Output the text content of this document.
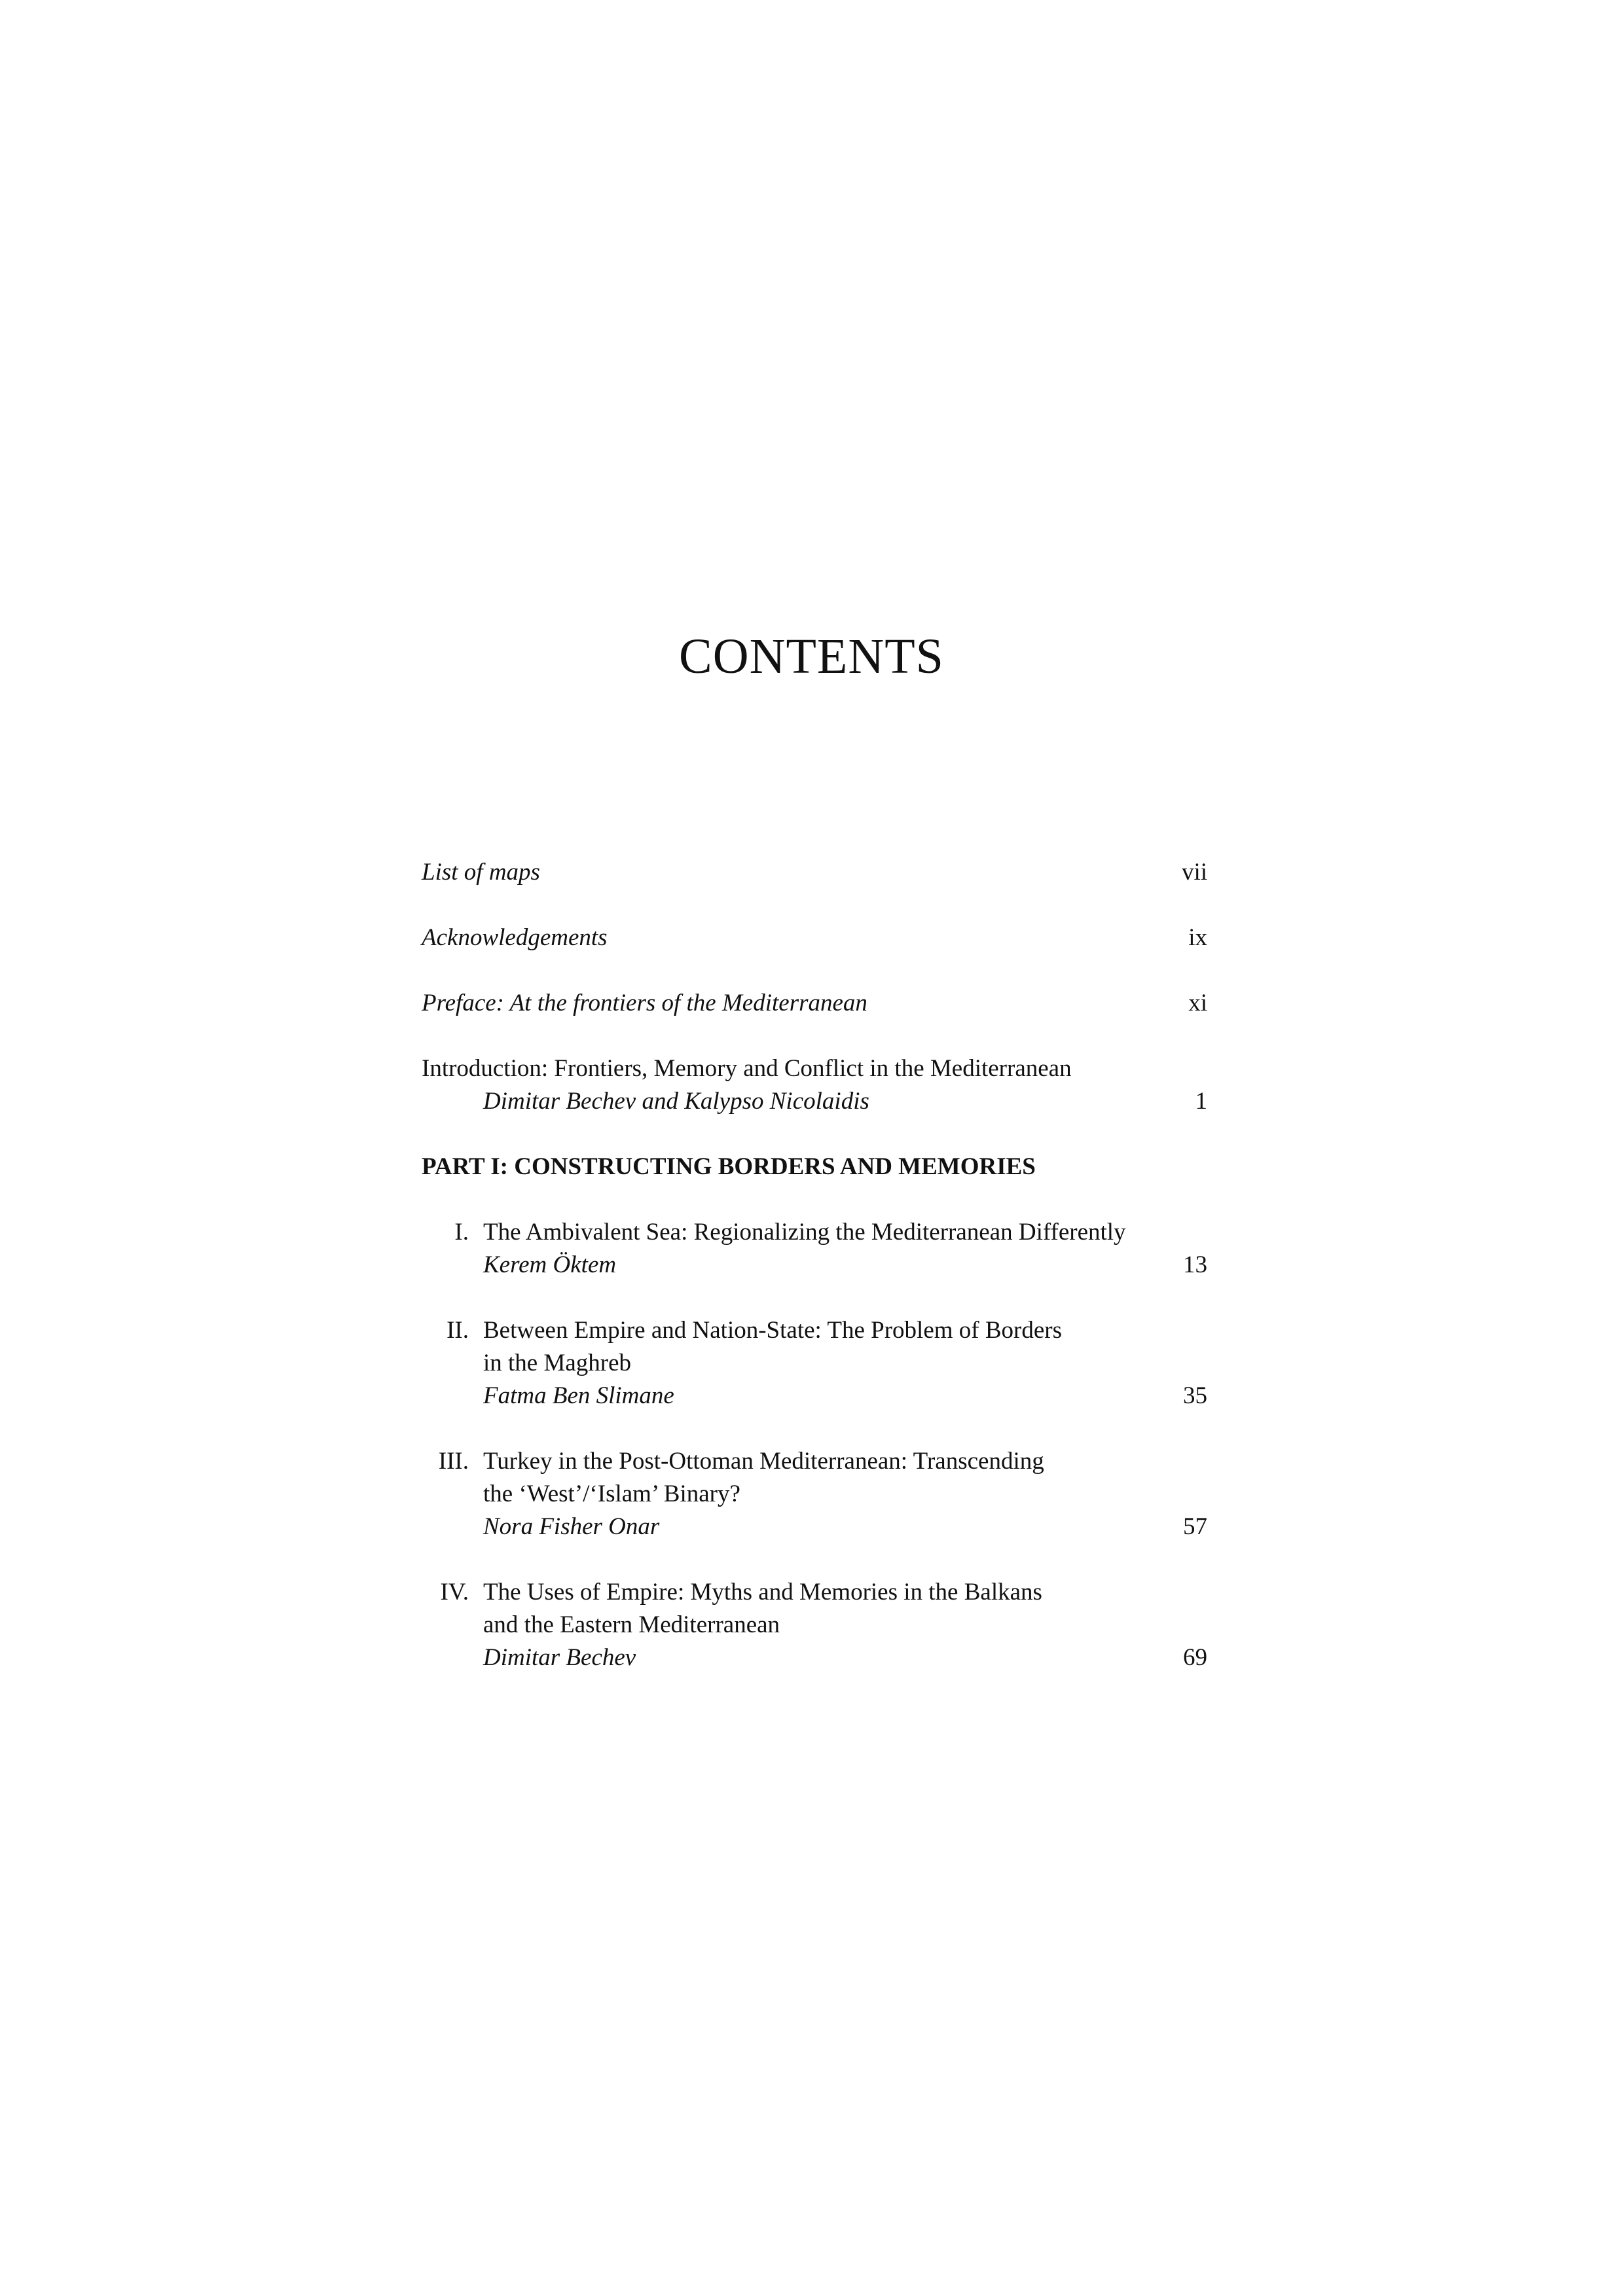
CONTENTS
List of maps	vii
Acknowledgements	ix
Preface: At the frontiers of the Mediterranean	xi
Introduction: Frontiers, Memory and Conflict in the Mediterranean
Dimitar Bechev and Kalypso Nicolaidis	1
PART I: CONSTRUCTING BORDERS AND MEMORIES
I. The Ambivalent Sea: Regionalizing the Mediterranean Differently
Kerem Öktem	13
II. Between Empire and Nation-State: The Problem of Borders
in the Maghreb
Fatma Ben Slimane	35
III. Turkey in the Post-Ottoman Mediterranean: Transcending
the ‘West’/‘Islam’ Binary?
Nora Fisher Onar	57
IV. The Uses of Empire: Myths and Memories in the Balkans
and the Eastern Mediterranean
Dimitar Bechev	69
